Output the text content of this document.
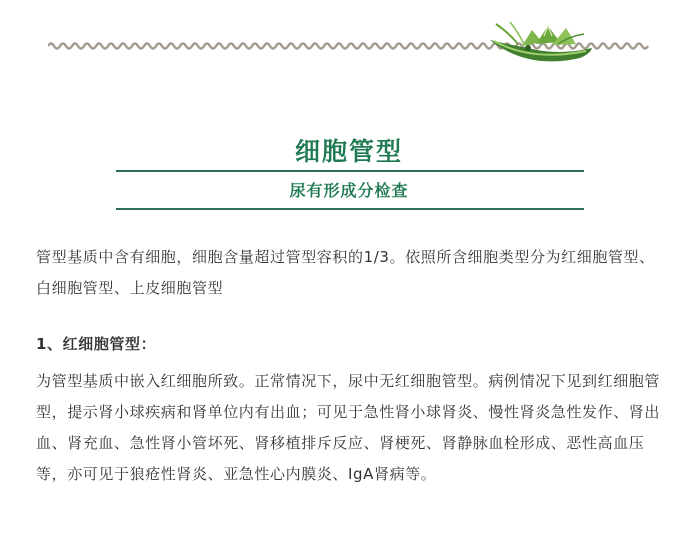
细胞管型
尿有形成分检查

管型基质中含有细胞，细胞含量超过管型容积的1/3。依照所含细胞类型分为红细胞管型、白细胞管型、上皮细胞管型

1、红细胞管型：

为管型基质中嵌入红细胞所致。正常情况下，尿中无红细胞管型。病例情况下见到红细胞管型，提示肾小球疾病和肾单位内有出血；可见于急性肾小球肾炎、慢性肾炎急性发作、肾出血、肾充血、急性肾小管坏死、肾移植排斥反应、肾梗死、肾静脉血栓形成、恶性高血压等，亦可见于狼疮性肾炎、亚急性心内膜炎、IgA肾病等。
